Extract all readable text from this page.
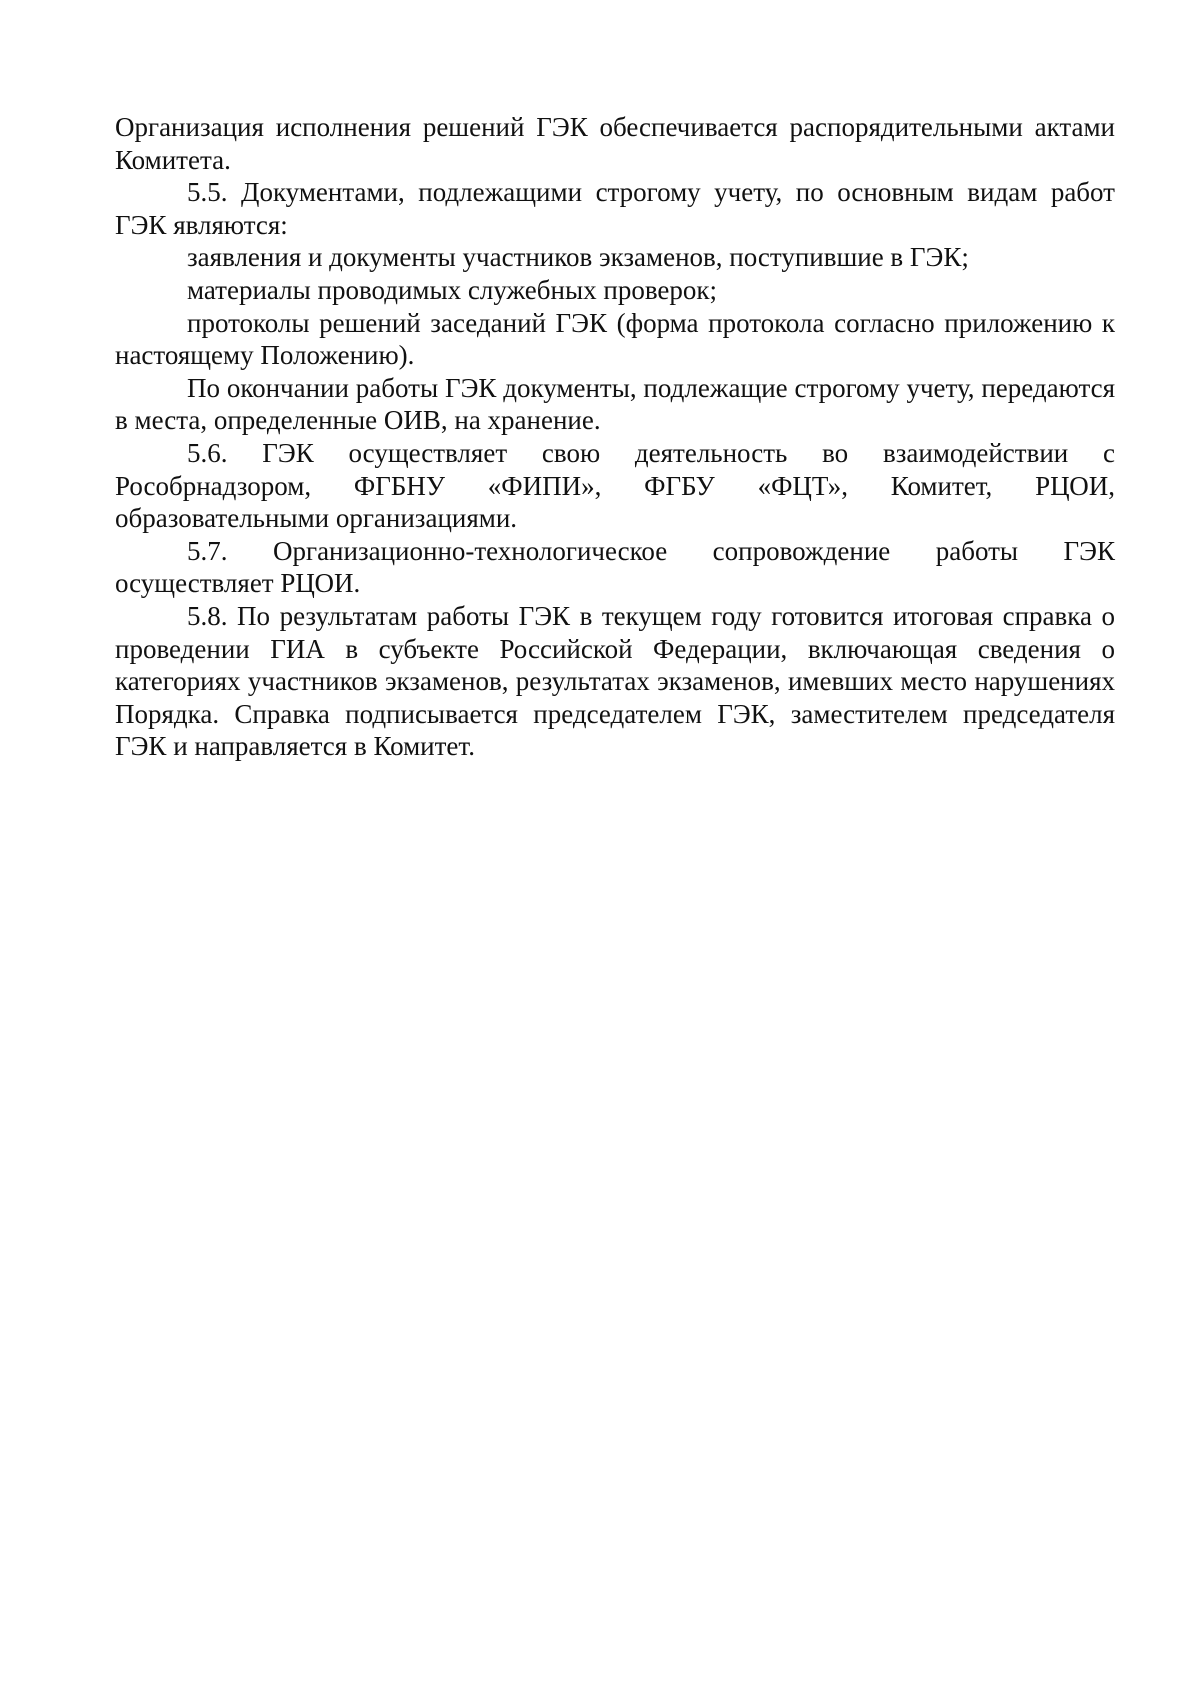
Организация исполнения решений ГЭК обеспечивается распорядительными актами Комитета.

5.5. Документами, подлежащими строгому учету, по основным видам работ ГЭК являются:

заявления и документы участников экзаменов, поступившие в ГЭК;

материалы проводимых служебных проверок;

протоколы решений заседаний ГЭК (форма протокола согласно приложению к настоящему Положению).

По окончании работы ГЭК документы, подлежащие строгому учету, передаются в места, определенные ОИВ, на хранение.

5.6. ГЭК осуществляет свою деятельность во взаимодействии с Рособрнадзором, ФГБНУ «ФИПИ», ФГБУ «ФЦТ», Комитет, РЦОИ, образовательными организациями.

5.7. Организационно-технологическое сопровождение работы ГЭК осуществляет РЦОИ.

5.8. По результатам работы ГЭК в текущем году готовится итоговая справка о проведении ГИА в субъекте Российской Федерации, включающая сведения о категориях участников экзаменов, результатах экзаменов, имевших место нарушениях Порядка. Справка подписывается председателем ГЭК, заместителем председателя ГЭК и направляется в Комитет.
